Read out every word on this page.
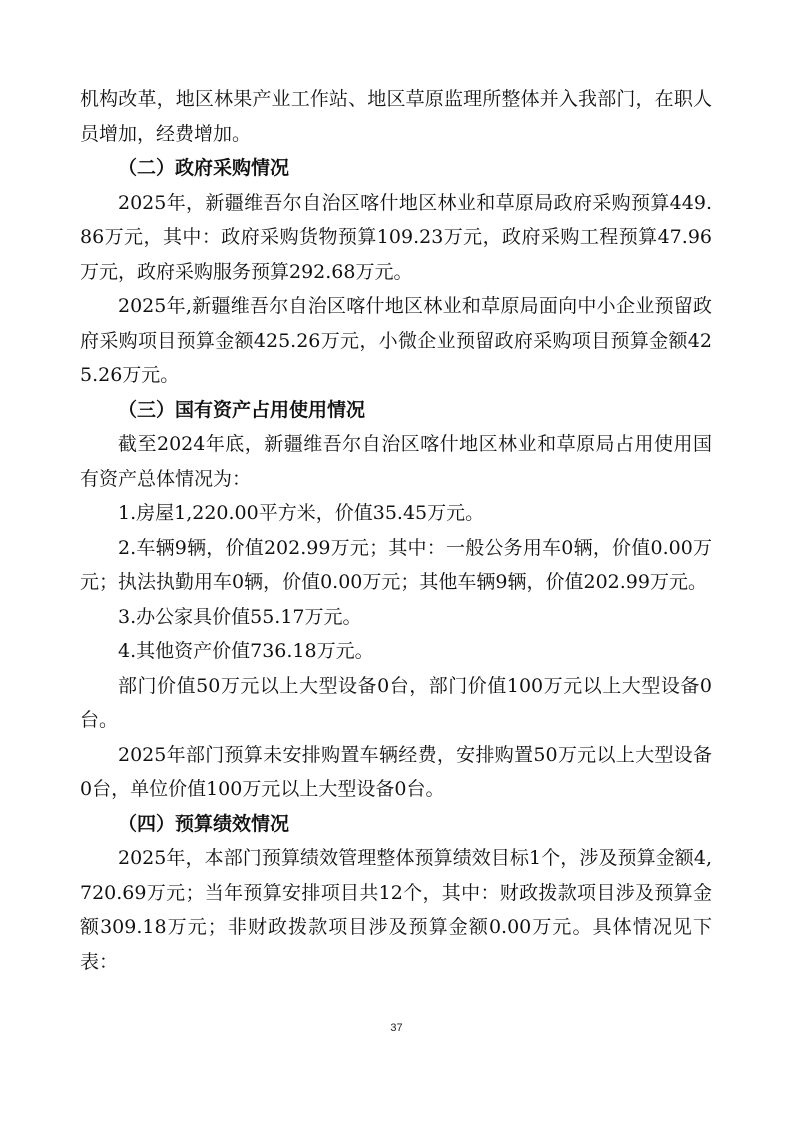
机构改革，地区林果产业工作站、地区草原监理所整体并入我部门，在职人员增加，经费增加。

（二）政府采购情况

2025年，新疆维吾尔自治区喀什地区林业和草原局政府采购预算449.86万元，其中：政府采购货物预算109.23万元，政府采购工程预算47.96万元，政府采购服务预算292.68万元。

2025年,新疆维吾尔自治区喀什地区林业和草原局面向中小企业预留政府采购项目预算金额425.26万元，小微企业预留政府采购项目预算金额425.26万元。

（三）国有资产占用使用情况

截至2024年底，新疆维吾尔自治区喀什地区林业和草原局占用使用国有资产总体情况为：

1.房屋1,220.00平方米，价值35.45万元。

2.车辆9辆，价值202.99万元；其中：一般公务用车0辆，价值0.00万元；执法执勤用车0辆，价值0.00万元；其他车辆9辆，价值202.99万元。

3.办公家具价值55.17万元。

4.其他资产价值736.18万元。

部门价值50万元以上大型设备0台，部门价值100万元以上大型设备0台。

2025年部门预算未安排购置车辆经费，安排购置50万元以上大型设备0台，单位价值100万元以上大型设备0台。

（四）预算绩效情况

2025年，本部门预算绩效管理整体预算绩效目标1个，涉及预算金额4,720.69万元；当年预算安排项目共12个，其中：财政拨款项目涉及预算金额309.18万元；非财政拨款项目涉及预算金额0.00万元。具体情况见下表：

37
